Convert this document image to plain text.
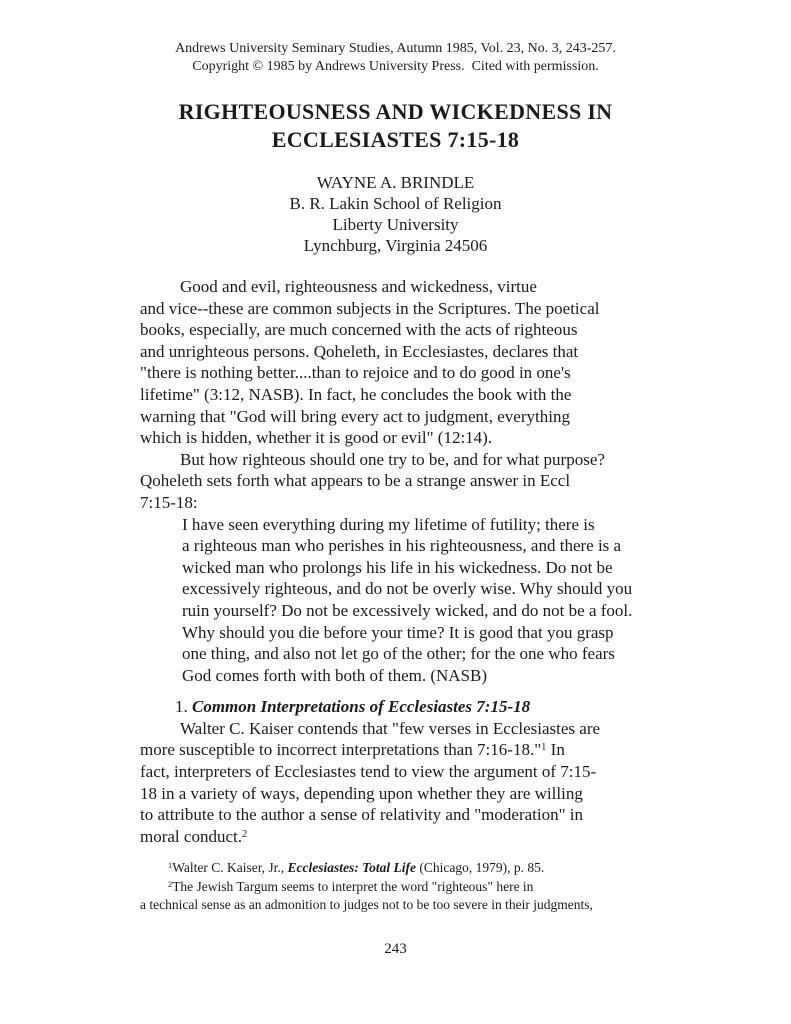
Andrews University Seminary Studies, Autumn 1985, Vol. 23, No. 3, 243-257.
Copyright © 1985 by Andrews University Press.  Cited with permission.
RIGHTEOUSNESS AND WICKEDNESS IN
ECCLESIASTES 7:15-18
WAYNE A. BRINDLE
B. R. Lakin School of Religion
Liberty University
Lynchburg, Virginia 24506
Good and evil, righteousness and wickedness, virtue
and vice--these are common subjects in the Scriptures. The poetical
books, especially, are much concerned with the acts of righteous
and unrighteous persons. Qoheleth, in Ecclesiastes, declares that
"there is nothing better....than to rejoice and to do good in one's
lifetime" (3:12, NASB). In fact, he concludes the book with the
warning that "God will bring every act to judgment, everything
which is hidden, whether it is good or evil" (12:14).
But how righteous should one try to be, and for what purpose?
Qoheleth sets forth what appears to be a strange answer in Eccl
7:15-18:
I have seen everything during my lifetime of futility; there is
a righteous man who perishes in his righteousness, and there is a
wicked man who prolongs his life in his wickedness. Do not be
excessively righteous, and do not be overly wise. Why should you
ruin yourself? Do not be excessively wicked, and do not be a fool.
Why should you die before your time? It is good that you grasp
one thing, and also not let go of the other; for the one who fears
God comes forth with both of them. (NASB)
1. Common Interpretations of Ecclesiastes 7:15-18
Walter C. Kaiser contends that "few verses in Ecclesiastes are
more susceptible to incorrect interpretations than 7:16-18."$^1$ In
fact, interpreters of Ecclesiastes tend to view the argument of 7:15-
18 in a variety of ways, depending upon whether they are willing
to attribute to the author a sense of relativity and "moderation" in
moral conduct.$^2$
$^1$Walter C. Kaiser, Jr., Ecclesiastes: Total Life (Chicago, 1979), p. 85.
$^2$The Jewish Targum seems to interpret the word "righteous" here in
a technical sense as an admonition to judges not to be too severe in their judgments,
243
